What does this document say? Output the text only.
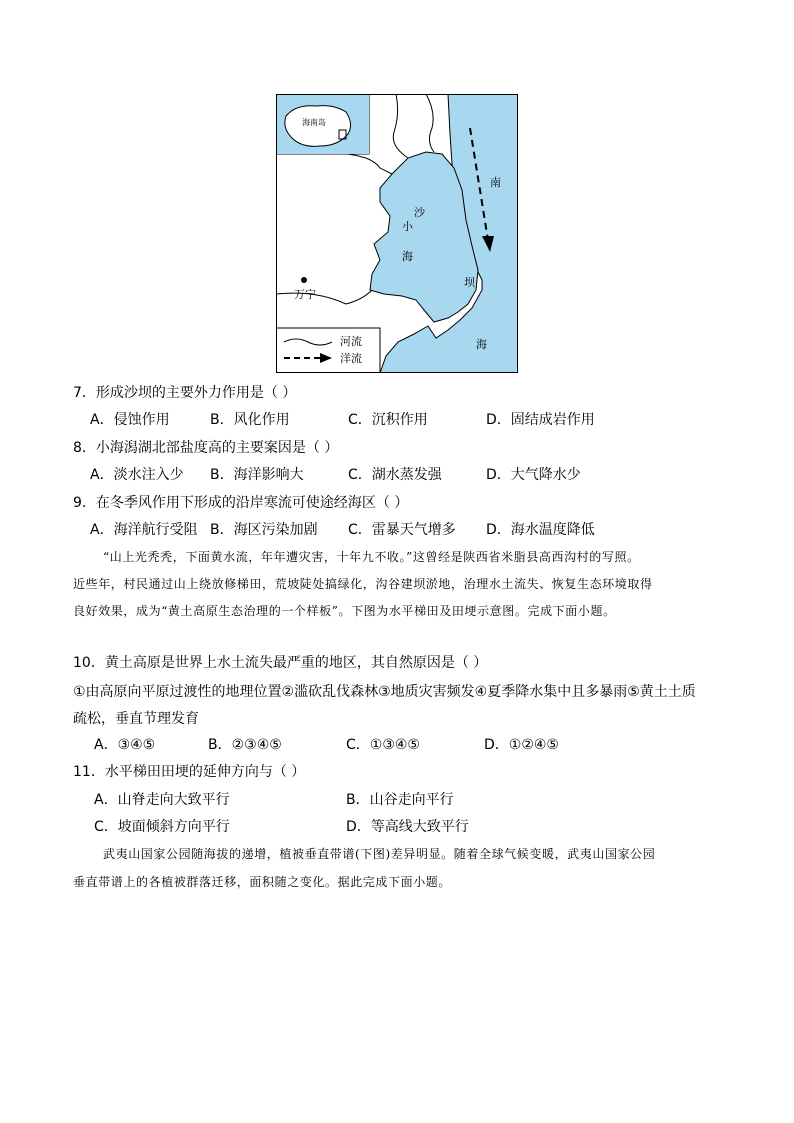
海南岛
南
沙
小
海
坝
海
万宁
河流
洋流
7．形成沙坝的主要外力作用是（ ）
A．侵蚀作用	B．风化作用	C．沉积作用	D．固结成岩作用
8．小海潟湖北部盐度高的主要案因是（ ）
A．淡水注入少 B．海洋影响大	C．湖水蒸发强	D．大气降水少
9．在冬季风作用下形成的沿岸寒流可使途经海区（ ）
A．海洋航行受阻 B．海区污染加剧 C．雷暴天气增多 D．海水温度降低
“山上光秃秃，下面黄水流，年年遭灾害，十年九不收。”这曾经是陕西省米脂县高西沟村的写照。
近些年，村民通过山上绕放修梯田，荒坡陡处搞绿化，沟谷建坝淤地，治理水土流失、恢复生态环境取得
良好效果，成为“黄土高原生态治理的一个样板”。下图为水平梯田及田埂示意图。完成下面小题。
10．黄土高原是世界上水土流失最严重的地区，其自然原因是（ ）
①由高原向平原过渡性的地理位置②滥砍乱伐森林③地质灾害频发④夏季降水集中且多暴雨⑤黄土土质
疏松，垂直节理发育
A．③④⑤	B．②③④⑤	C．①③④⑤	D．①②④⑤
11．水平梯田田埂的延伸方向与（ ）
A．山脊走向大致平行	B．山谷走向平行
C．坡面倾斜方向平行	D．等高线大致平行
武夷山国家公园随海拔的递增，植被垂直带谱(下图)差异明显。随着全球气候变暖，武夷山国家公园
垂直带谱上的各植被群落迁移，面积随之变化。据此完成下面小题。
